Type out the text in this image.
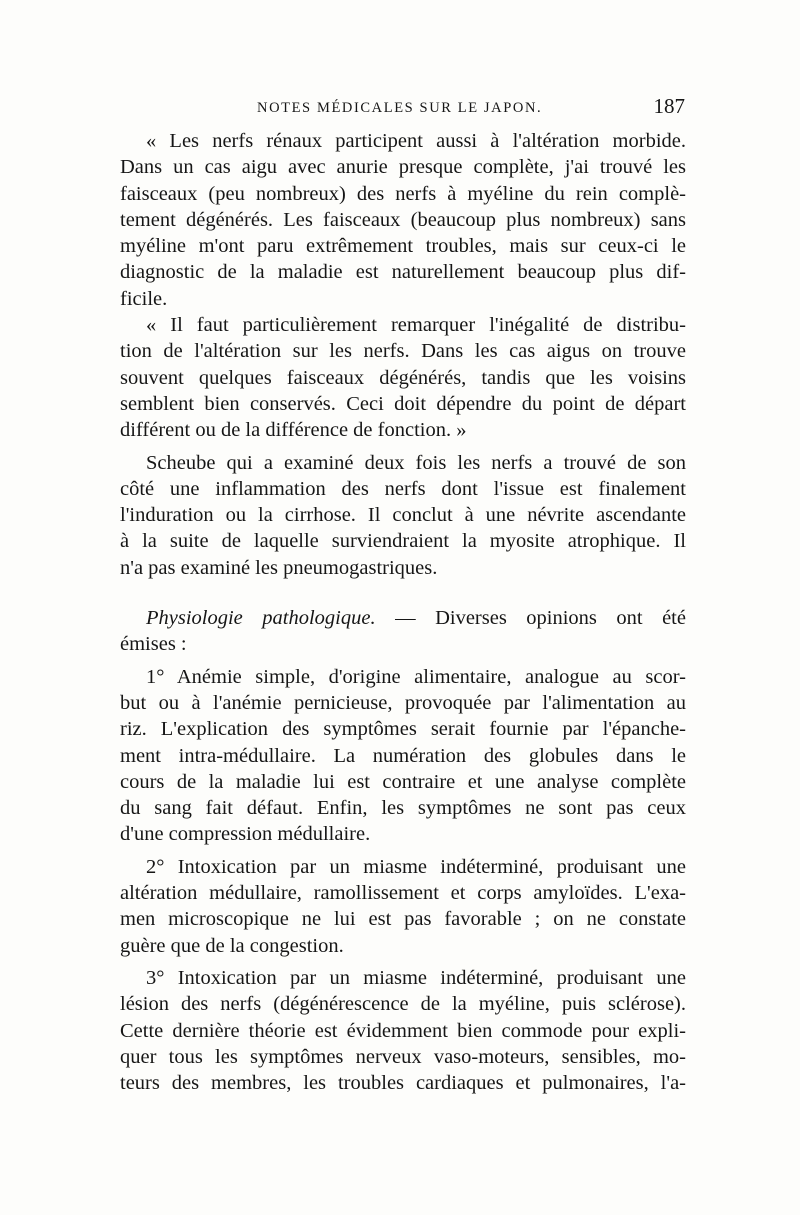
NOTES MÉDICALES SUR LE JAPON.	187
« Les nerfs rénaux participent aussi à l'altération morbide.
Dans un cas aigu avec anurie presque complète, j'ai trouvé les
faisceaux (peu nombreux) des nerfs à myéline du rein complè-
tement dégénérés. Les faisceaux (beaucoup plus nombreux) sans
myéline m'ont paru extrêmement troubles, mais sur ceux-ci le
diagnostic de la maladie est naturellement beaucoup plus dif-
ficile.
« Il faut particulièrement remarquer l'inégalité de distribu-
tion de l'altération sur les nerfs. Dans les cas aigus on trouve
souvent quelques faisceaux dégénérés, tandis que les voisins
semblent bien conservés. Ceci doit dépendre du point de départ
différent ou de la différence de fonction. »
Scheube qui a examiné deux fois les nerfs a trouvé de son
côté une inflammation des nerfs dont l'issue est finalement
l'induration ou la cirrhose. Il conclut à une névrite ascendante
à la suite de laquelle surviendraient la myosite atrophique. Il
n'a pas examiné les pneumogastriques.
Physiologie pathologique. — Diverses opinions ont été
émises :
1° Anémie simple, d'origine alimentaire, analogue au scor-
but ou à l'anémie pernicieuse, provoquée par l'alimentation au
riz. L'explication des symptômes serait fournie par l'épanche-
ment intra-médullaire. La numération des globules dans le
cours de la maladie lui est contraire et une analyse complète
du sang fait défaut. Enfin, les symptômes ne sont pas ceux
d'une compression médullaire.
2° Intoxication par un miasme indéterminé, produisant une
altération médullaire, ramollissement et corps amyloïdes. L'exa-
men microscopique ne lui est pas favorable ; on ne constate
guère que de la congestion.
3° Intoxication par un miasme indéterminé, produisant une
lésion des nerfs (dégénérescence de la myéline, puis sclérose).
Cette dernière théorie est évidemment bien commode pour expli-
quer tous les symptômes nerveux vaso-moteurs, sensibles, mo-
teurs des membres, les troubles cardiaques et pulmonaires, l'a-
